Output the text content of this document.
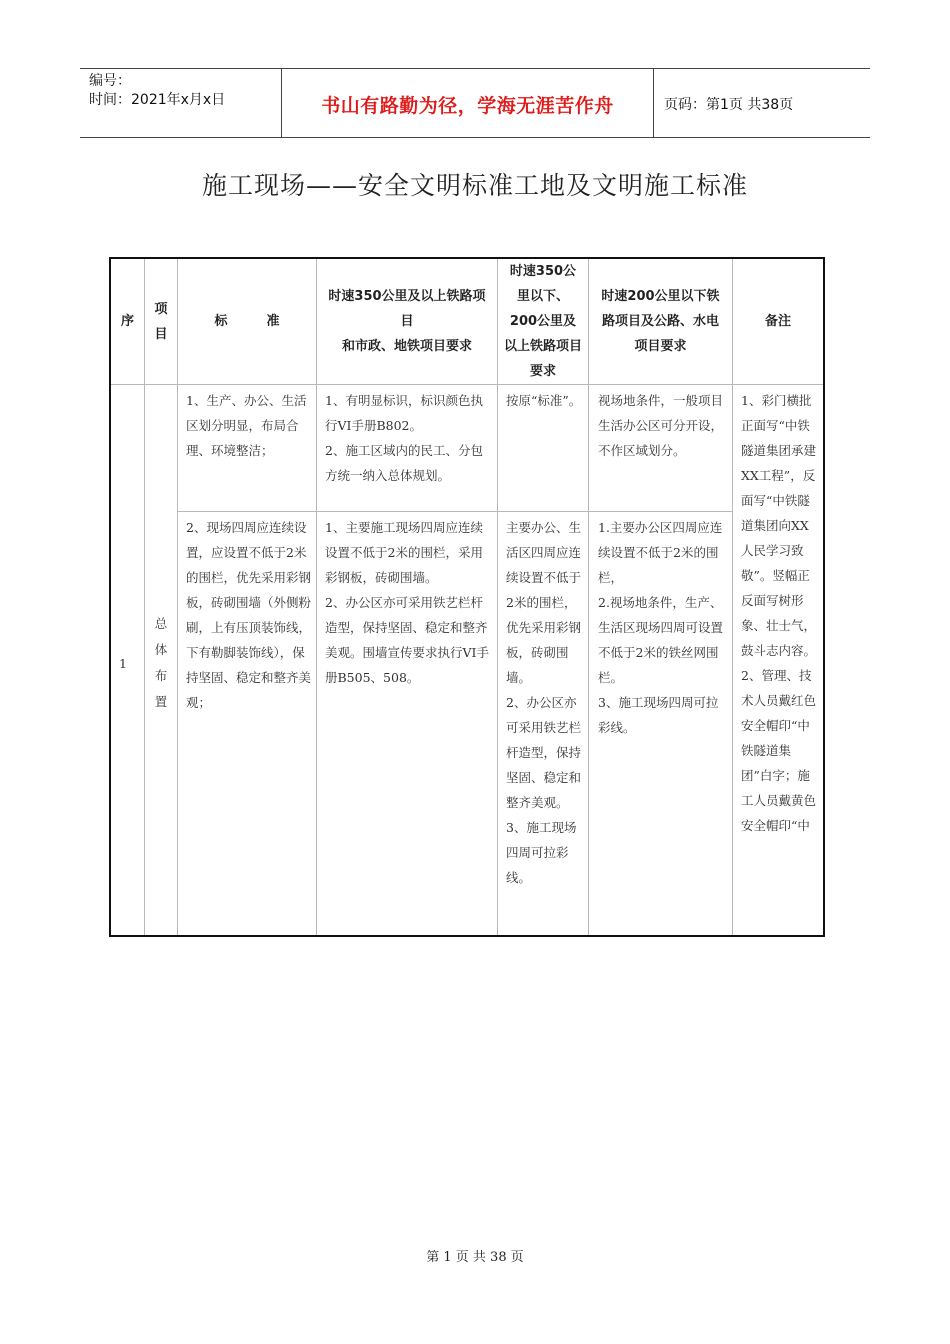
编号：
时间：2021年x月x日	书山有路勤为径，学海无涯苦作舟	页码：第1页 共38页
施工现场——安全文明标准工地及文明施工标准
序
项目
标　　　准
时速350公里及以上铁路项目
和市政、地铁项目要求
时速350公里以下、200公里及以上铁路项目要求
时速200公里以下铁路项目及公路、水电项目要求
备注
1
总体布置
1、生产、办公、生活区划分明显，布局合理、环境整洁；
1、有明显标识，标识颜色执行VI手册B802。
2、施工区域内的民工、分包方统一纳入总体规划。
按原“标准”。 视场地条件，一般项目生活办公区可分开设，不作区域划分。
2、现场四周应连续设置，应设置不低于2米的围栏，优先采用彩钢板，砖砌围墙（外侧粉刷，上有压顶装饰线，下有勒脚装饰线），保持坚固、稳定和整齐美观；
1、主要施工现场四周应连续设置不低于2米的围栏，采用彩钢板，砖砌围墙。
2、办公区亦可采用铁艺栏杆造型，保持坚固、稳定和整齐美观。围墙宣传要求执行VI手册B505、508。
主要办公、生活区四周应连续设置不低于2米的围栏，优先采用彩钢板，砖砌围墙。
2、办公区亦可采用铁艺栏杆造型，保持坚固、稳定和整齐美观。
3、施工现场四周可拉彩线。
1.主要办公区四周应连续设置不低于2米的围栏，
2.视场地条件，生产、生活区现场四周可设置不低于2米的铁丝网围栏。
3、施工现场四周可拉彩线。
1、彩门横批正面写“中铁隧道集团承建XX工程”，反面写“中铁隧道集团向XX人民学习致敬”。竖幅正反面写树形象、壮士气，鼓斗志内容。
2、管理、技术人员戴红色安全帽印“中铁隧道集团”白字；施工人员戴黄色安全帽印“中
第 1 页 共 38 页
